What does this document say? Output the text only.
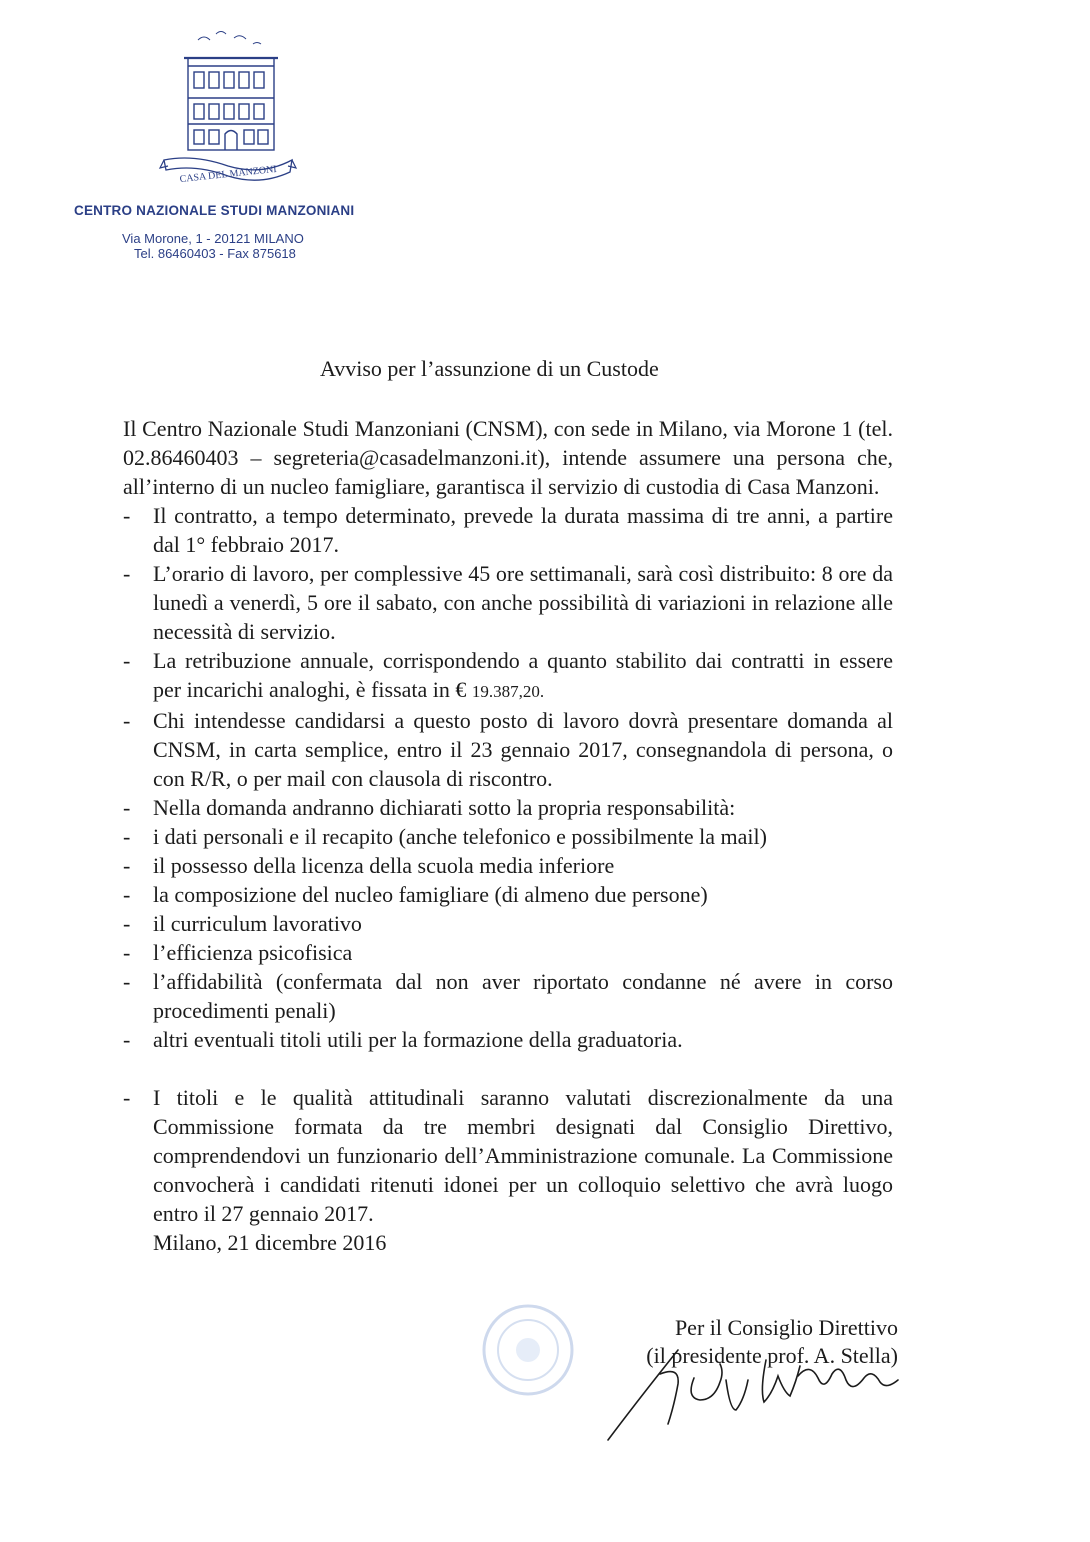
CASA DEL MANZONI
CENTRO NAZIONALE STUDI MANZONIANI
Via Morone, 1 - 20121 MILANO
Tel. 86460403 - Fax 875618
Avviso per l’assunzione di un Custode

Il Centro Nazionale Studi Manzoniani (CNSM), con sede in Milano, via Morone 1 (tel. 02.86460403 – segreteria@casadelmanzoni.it), intende assumere una persona che, all’interno di un nucleo famigliare, garantisca il servizio di custodia di Casa Manzoni.

- Il contratto, a tempo determinato, prevede la durata massima di tre anni, a partire dal 1° febbraio 2017.
- L’orario di lavoro, per complessive 45 ore settimanali, sarà così distribuito: 8 ore da lunedì a venerdì, 5 ore il sabato, con anche possibilità di variazioni in relazione alle necessità di servizio.
- La retribuzione annuale, corrispondendo a quanto stabilito dai contratti in essere per incarichi analoghi, è fissata in € 19.387,20.
- Chi intendesse candidarsi a questo posto di lavoro dovrà presentare domanda al CNSM, in carta semplice, entro il 23 gennaio 2017, consegnandola di persona, o con R/R, o per mail con clausola di riscontro.
- Nella domanda andranno dichiarati sotto la propria responsabilità:
- i dati personali e il recapito (anche telefonico e possibilmente la mail)
- il possesso della licenza della scuola media inferiore
- la composizione del nucleo famigliare (di almeno due persone)
- il curriculum lavorativo
- l’efficienza psicofisica
- l’affidabilità (confermata dal non aver riportato condanne né avere in corso procedimenti penali)
- altri eventuali titoli utili per la formazione della graduatoria.
- I titoli e le qualità attitudinali saranno valutati discrezionalmente da una Commissione formata da tre membri designati dal Consiglio Direttivo, comprendendovi un funzionario dell’Amministrazione comunale. La Commissione convocherà i candidati ritenuti idonei per un colloquio selettivo che avrà luogo entro il 27 gennaio 2017.
Milano, 21 dicembre 2016
Per il Consiglio Direttivo
(il presidente prof. A. Stella)
